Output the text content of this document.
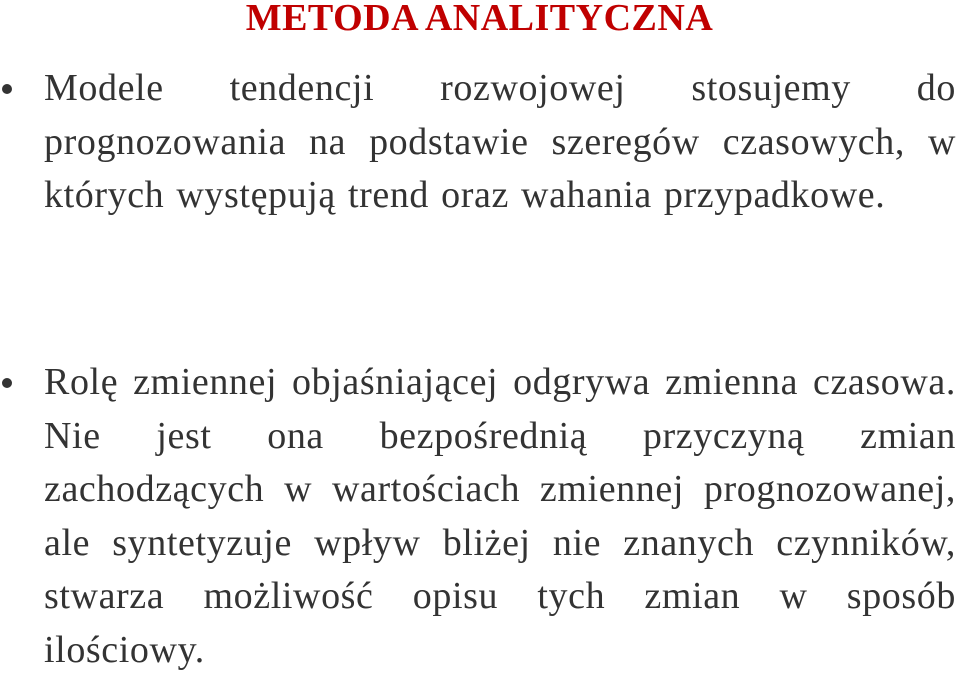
METODA ANALITYCZNA
Modele tendencji rozwojowej stosujemy do prognozowania na podstawie szeregów czasowych, w których występują trend oraz wahania przypadkowe.
Rolę zmiennej objaśniającej odgrywa zmienna czasowa. Nie jest ona bezpośrednią przyczyną zmian zachodzących w wartościach zmiennej prognozowanej, ale syntetyzuje wpływ bliżej nie znanych czynników, stwarza możliwość opisu tych zmian w sposób ilościowy.
